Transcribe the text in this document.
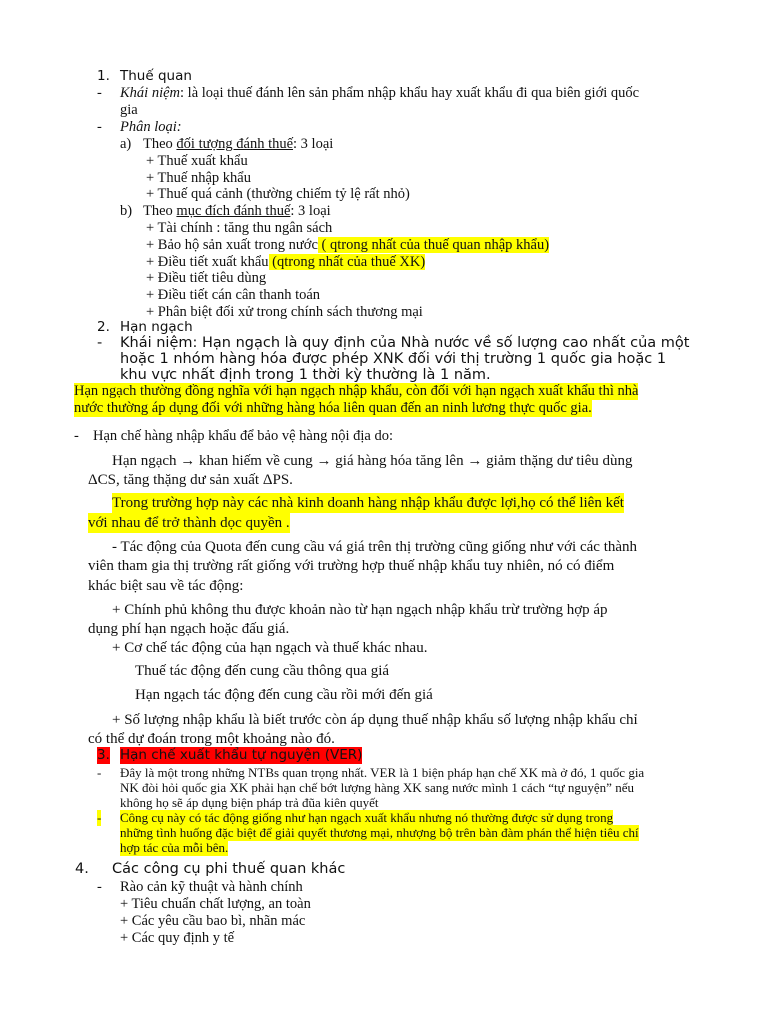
1. Thuế quan
- Khái niệm: là loại thuế đánh lên sản phẩm nhập khẩu hay xuất khẩu đi qua biên giới quốc
gia
- Phân loại:
a) Theo đối tượng đánh thuế: 3 loại
+ Thuế xuất khẩu
+ Thuế nhập khẩu
+ Thuế quá cảnh (thường chiếm tỷ lệ rất nhỏ)
b) Theo mục đích đánh thuế: 3 loại
+ Tài chính : tăng thu ngân sách
+ Bảo hộ sản xuất trong nước ( qtrong nhất của thuế quan nhập khẩu)
+ Điều tiết xuất khẩu (qtrong nhất của thuế XK)
+ Điều tiết tiêu dùng
+ Điều tiết cán cân thanh toán
+ Phân biệt đối xử trong chính sách thương mại
2. Hạn ngạch
- Khái niệm: Hạn ngạch là quy định của Nhà nước về số lượng cao nhất của một
hoặc 1 nhóm hàng hóa được phép XNK đối với thị trường 1 quốc gia hoặc 1
khu vực nhất định trong 1 thời kỳ thường là 1 năm.
Hạn ngạch thường đồng nghĩa với hạn ngạch nhập khẩu, còn đối với hạn ngạch xuất khẩu thì nhà
nước thường áp dụng đối với những hàng hóa liên quan đến an ninh lương thực quốc gia.
- Hạn chế hàng nhập khẩu để bảo vệ hàng nội địa do:
Hạn ngạch → khan hiếm về cung → giá hàng hóa tăng lên → giảm thặng dư tiêu dùng
ΔCS, tăng thặng dư sản xuất ΔPS.
Trong trường hợp này các nhà kinh doanh hàng nhập khẩu được lợi,họ có thể liên kết
với nhau để trở thành dọc quyền .
- Tác động của Quota đến cung cầu vá giá trên thị trường cũng giống như với các thành
viên tham gia thị trường rất giống với trường hợp thuế nhập khẩu tuy nhiên, nó có điểm
khác biệt sau về tác động:
+ Chính phủ không thu được khoản nào từ hạn ngạch nhập khẩu trừ trường hợp áp
dụng phí hạn ngạch hoặc đấu giá.
+ Cơ chế tác động của hạn ngạch và thuế khác nhau.
Thuế tác động đến cung cầu thông qua giá
Hạn ngạch tác động đến cung cầu rồi mới đến giá
+ Số lượng nhập khẩu là biết trước còn áp dụng thuế nhập khẩu số lượng nhập khẩu chỉ
có thể dự đoán trong một khoảng nào đó.
3. Hạn chế xuất khẩu tự nguyện (VER)
- Đây là một trong những NTBs quan trọng nhất. VER là 1 biện pháp hạn chế XK mà ở đó, 1 quốc gia
NK đòi hỏi quốc gia XK phải hạn chế bớt lượng hàng XK sang nước mình 1 cách “tự nguyện” nếu
không họ sẽ áp dụng biện pháp trả đũa kiên quyết
- Công cụ này có tác động giống như hạn ngạch xuất khẩu nhưng nó thường được sử dụng trong
những tình huống đặc biệt để giải quyết thương mại, nhượng bộ trên bàn đàm phán thể hiện tiêu chí
hợp tác của mỗi bên.
4. Các công cụ phi thuế quan khác
- Rào cản kỹ thuật và hành chính
+ Tiêu chuẩn chất lượng, an toàn
+ Các yêu cầu bao bì, nhãn mác
+ Các quy định y tế
